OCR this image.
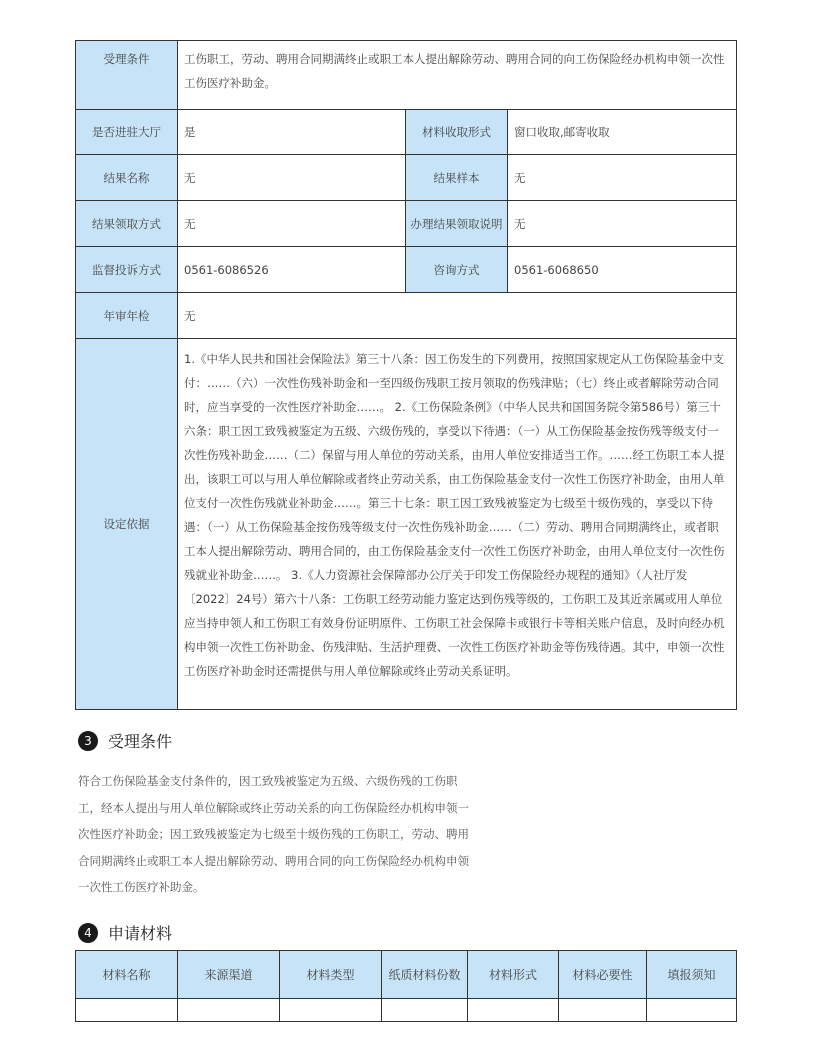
受理条件	工伤职工，劳动、聘用合同期满终止或职工本人提出解除劳动、聘用合同的向工伤保险经办机构申领一次性工伤医疗补助金。		
是否进驻大厅	是	材料收取形式	窗口收取,邮寄收取
结果名称	无	结果样本	无
结果领取方式	无	办理结果领取说明	无
监督投诉方式	0561-6086526	咨询方式	0561-6068650
年审年检	无		
设定依据	1.《中华人民共和国社会保险法》第三十八条：因工伤发生的下列费用，按照国家规定从工伤保险基金中支付：……（六）一次性伤残补助金和一至四级伤残职工按月领取的伤残津贴；（七）终止或者解除劳动合同时，应当享受的一次性医疗补助金……。 2.《工伤保险条例》（中华人民共和国国务院令第586号）第三十六条：职工因工致残被鉴定为五级、六级伤残的，享受以下待遇：（一）从工伤保险基金按伤残等级支付一次性伤残补助金……（二）保留与用人单位的劳动关系，由用人单位安排适当工作。……经工伤职工本人提出，该职工可以与用人单位解除或者终止劳动关系，由工伤保险基金支付一次性工伤医疗补助金，由用人单位支付一次性伤残就业补助金……。第三十七条：职工因工致残被鉴定为七级至十级伤残的，享受以下待遇：（一）从工伤保险基金按伤残等级支付一次性伤残补助金……（二）劳动、聘用合同期满终止，或者职工本人提出解除劳动、聘用合同的，由工伤保险基金支付一次性工伤医疗补助金，由用人单位支付一次性伤残就业补助金……。 3.《人力资源社会保障部办公厅关于印发工伤保险经办规程的通知》（人社厅发〔2022〕24号）第六十八条：工伤职工经劳动能力鉴定达到伤残等级的，工伤职工及其近亲属或用人单位应当持申领人和工伤职工有效身份证明原件、工伤职工社会保障卡或银行卡等相关账户信息，及时向经办机构申领一次性工伤补助金、伤残津贴、生活护理费、一次性工伤医疗补助金等伤残待遇。其中，申领一次性工伤医疗补助金时还需提供与用人单位解除或终止劳动关系证明。		
3	受理条件

符合工伤保险基金支付条件的，因工致残被鉴定为五级、六级伤残的工伤职工，经本人提出与用人单位解除或终止劳动关系的向工伤保险经办机构申领一次性医疗补助金；因工致残被鉴定为七级至十级伤残的工伤职工，劳动、聘用合同期满终止或职工本人提出解除劳动、聘用合同的向工伤保险经办机构申领一次性工伤医疗补助金。

4	申请材料
材料名称	来源渠道	材料类型	纸质材料份数	材料形式	材料必要性	填报须知
